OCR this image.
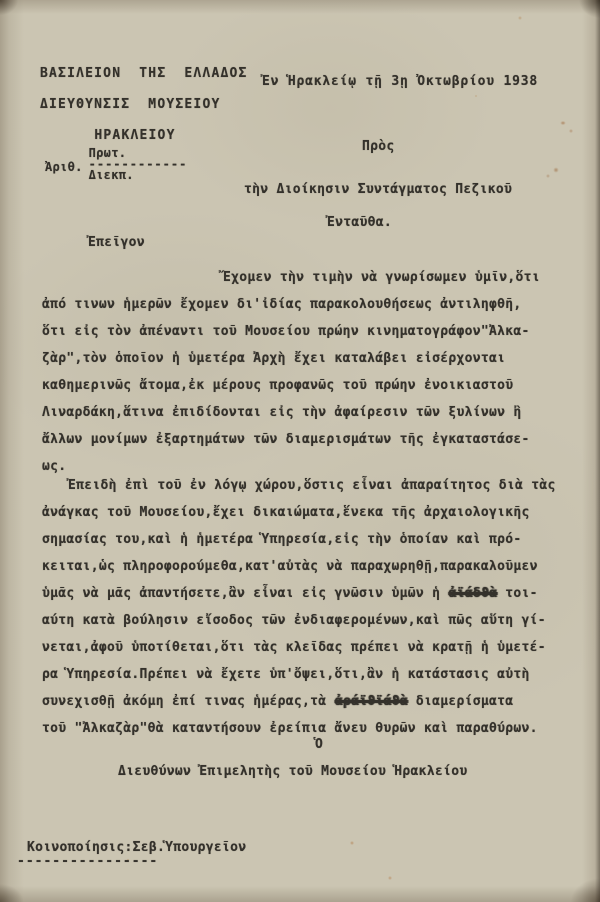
ΒΑΣΙΛΕΙΟΝ ΤΗΣ ΕΛΛΑΔΟΣ
ΔΙΕΥΘΥΝΣΙΣ ΜΟΥΣΕΙΟΥ
ΗΡΑΚΛΕΙΟΥ
Ἐν Ἡρακλείῳ τῇ 3ῃ Ὀκτωβρίου 1938
Ἀριθ.
Πρωτ.
------------
Διεκπ.
Πρὸς
τὴν Διοίκησιν Συντάγματος Πεζικοῦ
Ἐνταῦθα.
Ἐπεῖγον
Ἔχομεν τὴν τιμὴν νὰ γνωρίσωμεν ὑμῖν,ὅτι
ἀπό τινων ἡμερῶν ἔχομεν δι'ἰδίας παρακολουθήσεως ἀντιληφθῆ,
ὅτι εἰς τὸν ἀπέναντι τοῦ Μουσείου πρώην κινηματογράφον"Ἀλκα-
ζὰρ",τὸν ὁποῖον ἡ ὑμετέρα Ἀρχὴ ἔχει καταλάβει εἰσέρχονται
καθημερινῶς ἄτομα,ἐκ μέρους προφανῶς τοῦ πρώην ἐνοικιαστοῦ
Λιναρδάκη,ἅτινα ἐπιδίδονται εἰς τὴν ἀφαίρεσιν τῶν ξυλίνων ἢ
ἄλλων μονίμων ἐξαρτημάτων τῶν διαμερισμάτων τῆς ἐγκαταστάσε-
ως.
Ἐπειδὴ ἐπὶ τοῦ ἐν λόγῳ χώρου,ὅστις εἶναι ἀπαραίτητος διὰ τὰς
ἀνάγκας τοῦ Μουσείου,ἔχει δικαιώματα,ἕνεκα τῆς ἀρχαιολογικῆς
σημασίας του,καὶ ἡ ἡμετέρα Ὑπηρεσία,εἰς τὴν ὁποίαν καὶ πρό-
κειται,ὡς πληροφορούμεθα,κατ'αὐτὰς νὰ παραχωρηθῇ,παρακαλοῦμεν
ὑμᾶς νὰ μᾶς ἀπαντήσετε,ἂν εἶναι εἰς γνῶσιν ὑμῶν ἡ ἀϊάδϑὰ τοι-
αύτη κατὰ βούλησιν εἴσοδος τῶν ἐνδιαφερομένων,καὶ πῶς αὕτη γί-
νεται,ἀφοῦ ὑποτίθεται,ὅτι τὰς κλεῖδας πρέπει νὰ κρατῇ ἡ ὑμετέ-
ρα Ὑπηρεσία.Πρέπει νὰ ἔχετε ὑπ'ὄψει,ὅτι,ἂν ἡ κατάστασις αὐτὴ
συνεχισθῇ ἀκόμη ἐπί τινας ἡμέρας,τὰ ἀράϊϑϊάϑὰ διαμερίσματα
τοῦ "Ἀλκαζὰρ"θὰ καταντήσουν ἐρείπια ἄνευ θυρῶν καὶ παραθύρων.
Ὁ
Διευθύνων Ἐπιμελητὴς τοῦ Μουσείου Ἡρακλείου
Κοινοποίησις:Σεβ.Ὑπουργεῖον
----------------
